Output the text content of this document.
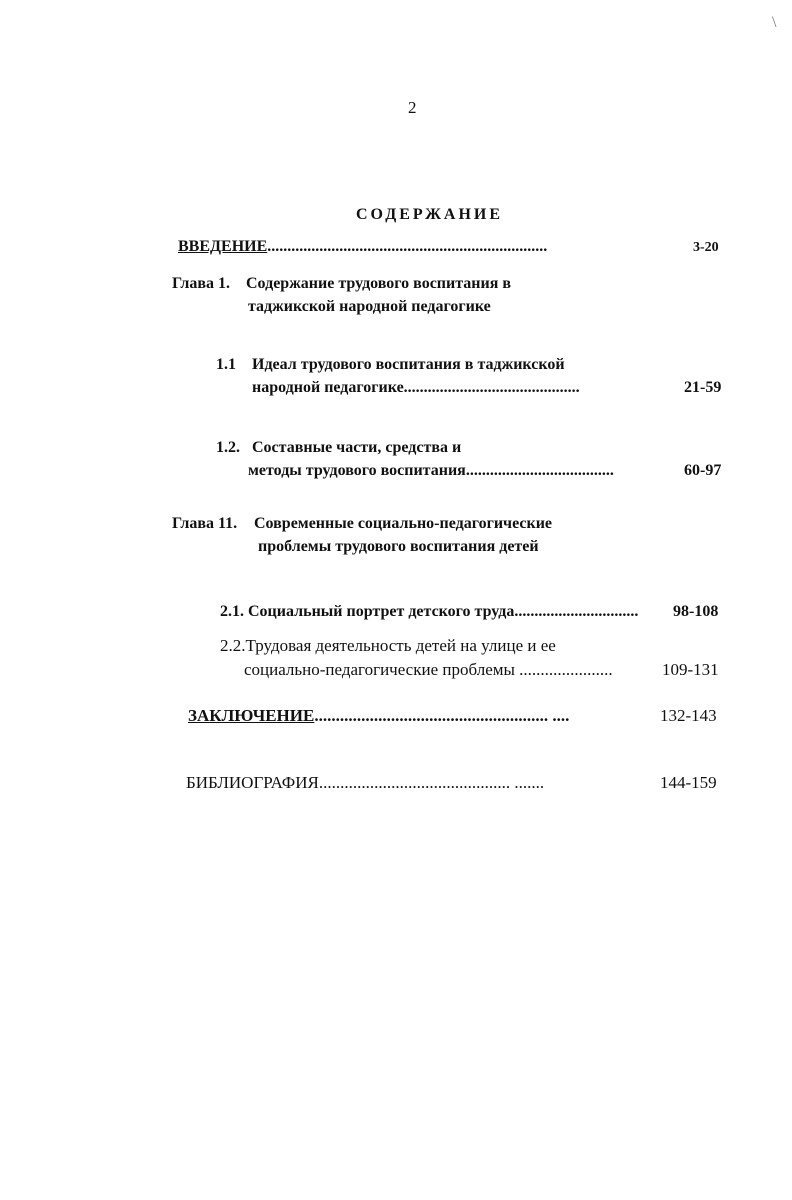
\
2
СОДЕРЖАНИЕ
ВВЕДЕНИЕ......................................................................	3-20
Глава 1. Содержание трудового воспитания в
таджикской народной педагогике
1.1 Идеал трудового воспитания в таджикской
народной педагогике............................................	21-59
1.2. Составные части, средства и
методы трудового воспитания.....................................	60-97
Глава 11. Современные социально-педагогические
проблемы трудового воспитания детей
2.1. Социальный портрет детского труда............................... 98-108
2.2.Трудовая деятельность детей на улице и ее
социально-педагогические проблемы ......................	109-131
ЗАКЛЮЧЕНИЕ....................................................... ....	132-143
БИБЛИОГРАФИЯ............................................. .......	144-159
